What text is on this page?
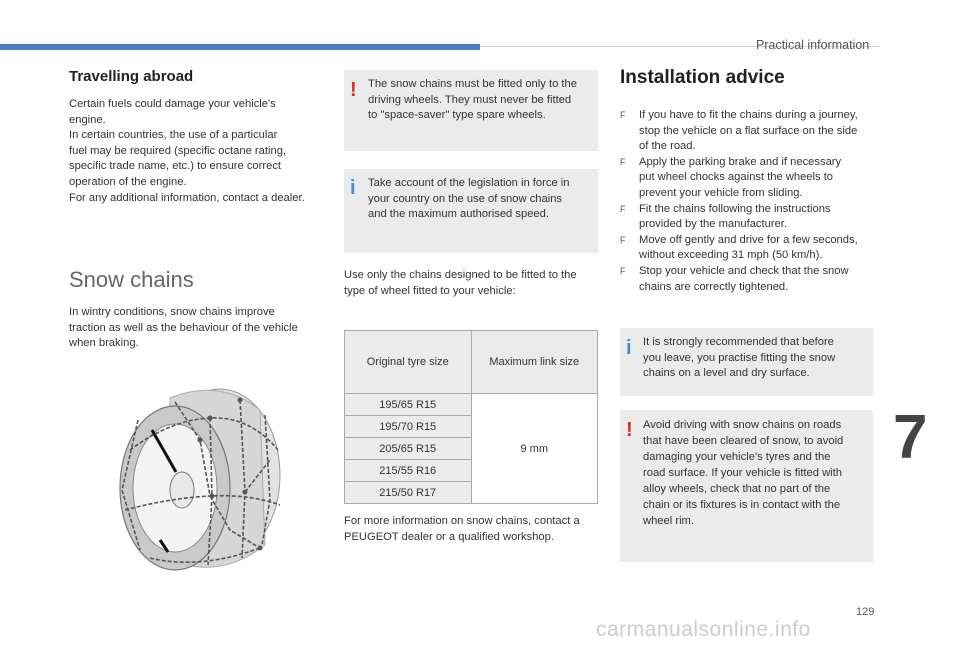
Practical information
Travelling abroad
Certain fuels could damage your vehicle's
engine.
In certain countries, the use of a particular
fuel may be required (specific octane rating,
specific trade name, etc.) to ensure correct
operation of the engine.
For any additional information, contact a dealer.
Snow chains
In wintry conditions, snow chains improve
traction as well as the behaviour of the vehicle
when braking.
! The snow chains must be fitted only to the
driving wheels. They must never be fitted
to "space-saver" type spare wheels.
i Take account of the legislation in force in
your country on the use of snow chains
and the maximum authorised speed.
Use only the chains designed to be fitted to the
type of wheel fitted to your vehicle:
Original tyre size	Maximum link size
195/65 R15	9 mm
195/70 R15	
205/65 R15	
215/55 R16	
215/50 R17	
For more information on snow chains, contact a
PEUGEOT dealer or a qualified workshop.
Installation advice
F If you have to fit the chains during a journey,
stop the vehicle on a flat surface on the side
of the road.
F Apply the parking brake and if necessary
put wheel chocks against the wheels to
prevent your vehicle from sliding.
F Fit the chains following the instructions
provided by the manufacturer.
F Move off gently and drive for a few seconds,
without exceeding 31 mph (50 km/h).
F Stop your vehicle and check that the snow
chains are correctly tightened.
i It is strongly recommended that before
you leave, you practise fitting the snow
chains on a level and dry surface.
! Avoid driving with snow chains on roads
that have been cleared of snow, to avoid
damaging your vehicle's tyres and the
road surface. If your vehicle is fitted with
alloy wheels, check that no part of the
chain or its fixtures is in contact with the
wheel rim.
7
129
carmanualsonline.info
